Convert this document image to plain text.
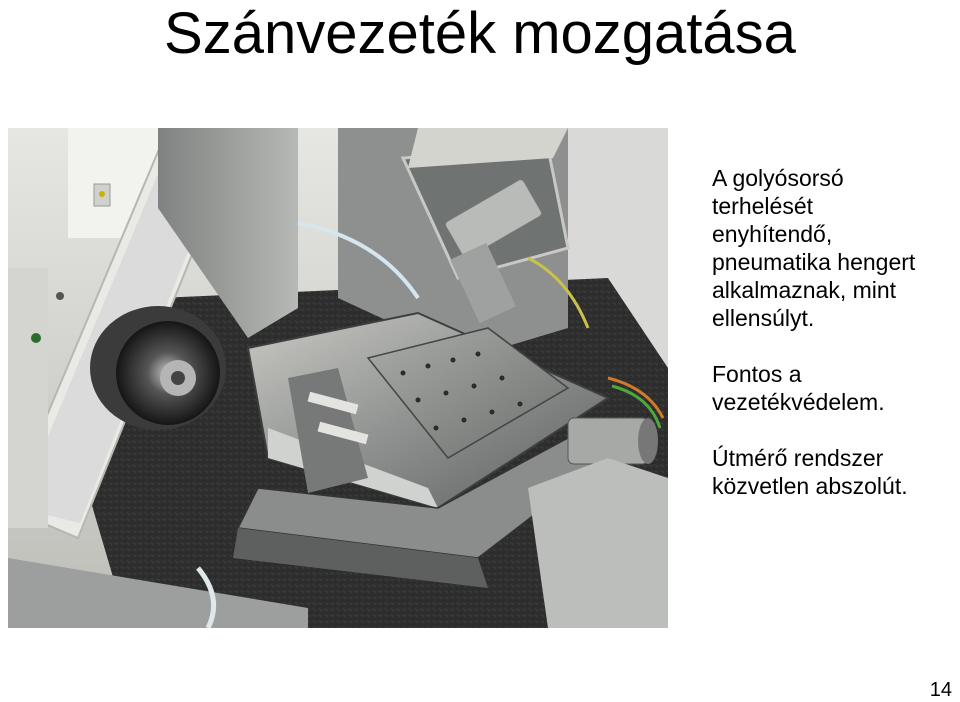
Szánvezeték mozgatása

A golyósorsó
terhelését
enyhítendő,
pneumatika hengert
alkalmaznak, mint
ellensúlyt.

Fontos a
vezetékvédelem.

Útmérő rendszer
közvetlen abszolút.

14
